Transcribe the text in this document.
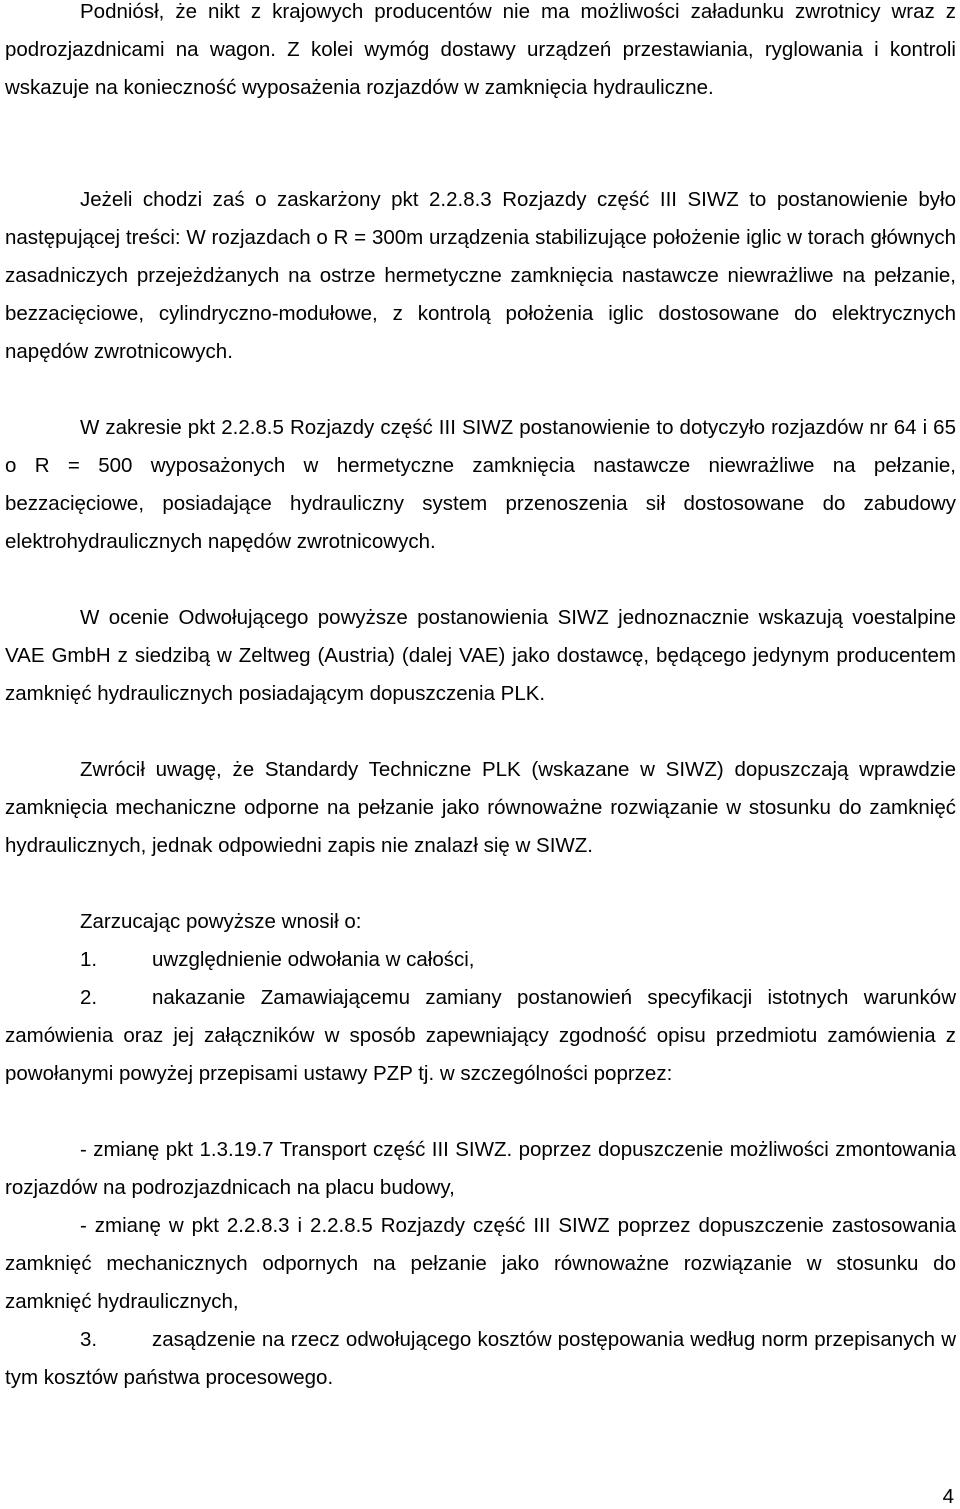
Podniósł, że nikt z krajowych producentów nie ma możliwości załadunku zwrotnicy wraz z podrozjazdnicami na wagon. Z kolei wymóg dostawy urządzeń przestawiania, ryglowania i kontroli wskazuje na konieczność wyposażenia rozjazdów w zamknięcia hydrauliczne.

Jeżeli chodzi zaś o zaskarżony pkt 2.2.8.3 Rozjazdy część III SIWZ to postanowienie było następującej treści: W rozjazdach o R = 300m urządzenia stabilizujące położenie iglic w torach głównych zasadniczych przejeżdżanych na ostrze hermetyczne zamknięcia nastawcze niewrażliwe na pełzanie, bezzacięciowe, cylindryczno-modułowe, z kontrolą położenia iglic dostosowane do elektrycznych napędów zwrotnicowych.

W zakresie pkt 2.2.8.5 Rozjazdy część III SIWZ postanowienie to dotyczyło rozjazdów nr 64 i 65 o R = 500 wyposażonych w hermetyczne zamknięcia nastawcze niewrażliwe na pełzanie, bezzacięciowe, posiadające hydrauliczny system przenoszenia sił dostosowane do zabudowy elektrohydraulicznych napędów zwrotnicowych.

W ocenie Odwołującego powyższe postanowienia SIWZ jednoznacznie wskazują voestalpine VAE GmbH z siedzibą w Zeltweg (Austria) (dalej VAE) jako dostawcę, będącego jedynym producentem zamknięć hydraulicznych posiadającym dopuszczenia PLK.

Zwrócił uwagę, że Standardy Techniczne PLK (wskazane w SIWZ) dopuszczają wprawdzie zamknięcia mechaniczne odporne na pełzanie jako równoważne rozwiązanie w stosunku do zamknięć hydraulicznych, jednak odpowiedni zapis nie znalazł się w SIWZ.

Zarzucając powyższe wnosił o:

1.	uwzględnienie odwołania w całości,

2.	nakazanie Zamawiającemu zamiany postanowień specyfikacji istotnych warunków zamówienia oraz jej załączników w sposób zapewniający zgodność opisu przedmiotu zamówienia z powołanymi powyżej przepisami ustawy PZP tj. w szczególności poprzez:

- zmianę pkt 1.3.19.7 Transport część III SIWZ. poprzez dopuszczenie możliwości zmontowania rozjazdów na podrozjazdnicach na placu budowy,

- zmianę w pkt 2.2.8.3 i 2.2.8.5 Rozjazdy część III SIWZ poprzez dopuszczenie zastosowania zamknięć mechanicznych odpornych na pełzanie jako równoważne rozwiązanie w stosunku do zamknięć hydraulicznych,

3.	zasądzenie na rzecz odwołującego kosztów postępowania według norm przepisanych w tym kosztów państwa procesowego.

4
